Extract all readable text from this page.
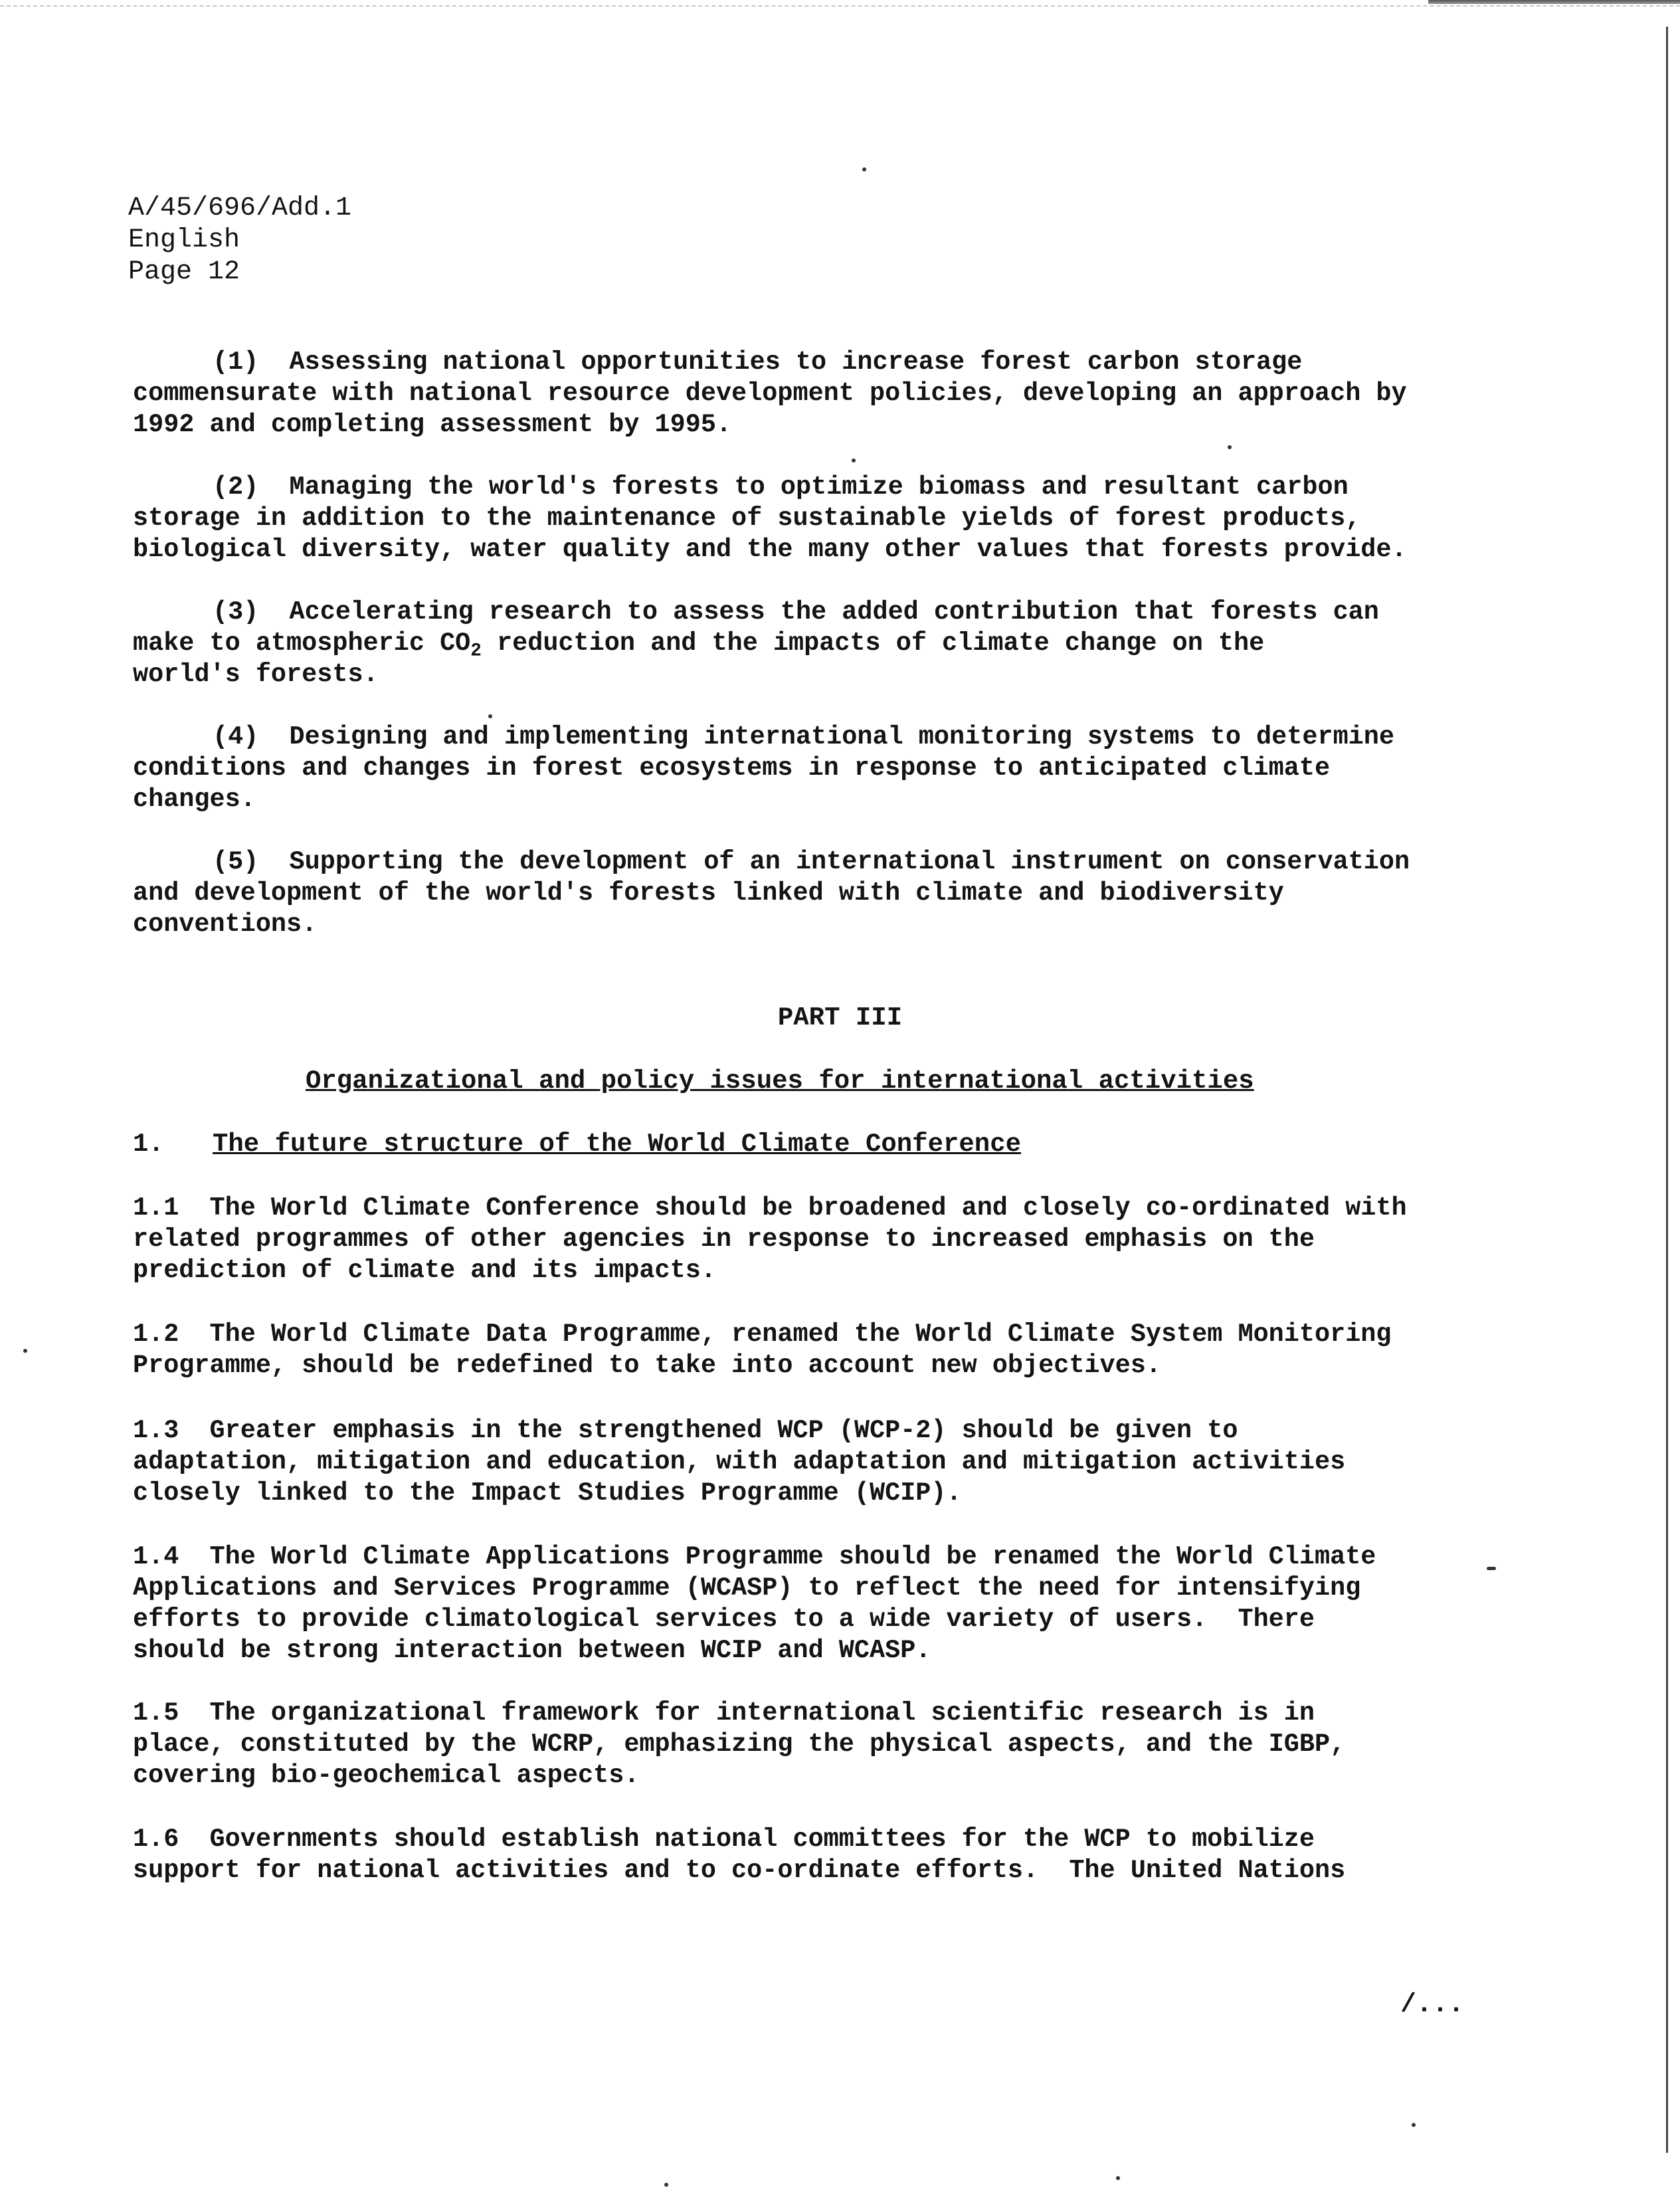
A/45/696/Add.1
English
Page 12
(1)  Assessing national opportunities to increase forest carbon storage
commensurate with national resource development policies, developing an approach by
1992 and completing assessment by 1995.
(2)  Managing the world's forests to optimize biomass and resultant carbon
storage in addition to the maintenance of sustainable yields of forest products,
biological diversity, water quality and the many other values that forests provide.
(3)  Accelerating research to assess the added contribution that forests can
make to atmospheric $CO_2$ reduction and the impacts of climate change on the
world's forests.
(4)  Designing and implementing international monitoring systems to determine
conditions and changes in forest ecosystems in response to anticipated climate
changes.
(5)  Supporting the development of an international instrument on conservation
and development of the world's forests linked with climate and biodiversity
conventions.

PART III

Organizational and policy issues for international activities

1. The future structure of the World Climate Conference

1.1  The World Climate Conference should be broadened and closely co-ordinated with
related programmes of other agencies in response to increased emphasis on the
prediction of climate and its impacts.
1.2  The World Climate Data Programme, renamed the World Climate System Monitoring
Programme, should be redefined to take into account new objectives.
1.3  Greater emphasis in the strengthened WCP (WCP-2) should be given to
adaptation, mitigation and education, with adaptation and mitigation activities
closely linked to the Impact Studies Programme (WCIP).
1.4  The World Climate Applications Programme should be renamed the World Climate
Applications and Services Programme (WCASP) to reflect the need for intensifying
efforts to provide climatological services to a wide variety of users.  There
should be strong interaction between WCIP and WCASP.
1.5  The organizational framework for international scientific research is in
place, constituted by the WCRP, emphasizing the physical aspects, and the IGBP,
covering bio-geochemical aspects.
1.6  Governments should establish national committees for the WCP to mobilize
support for national activities and to co-ordinate efforts.  The United Nations
/...
